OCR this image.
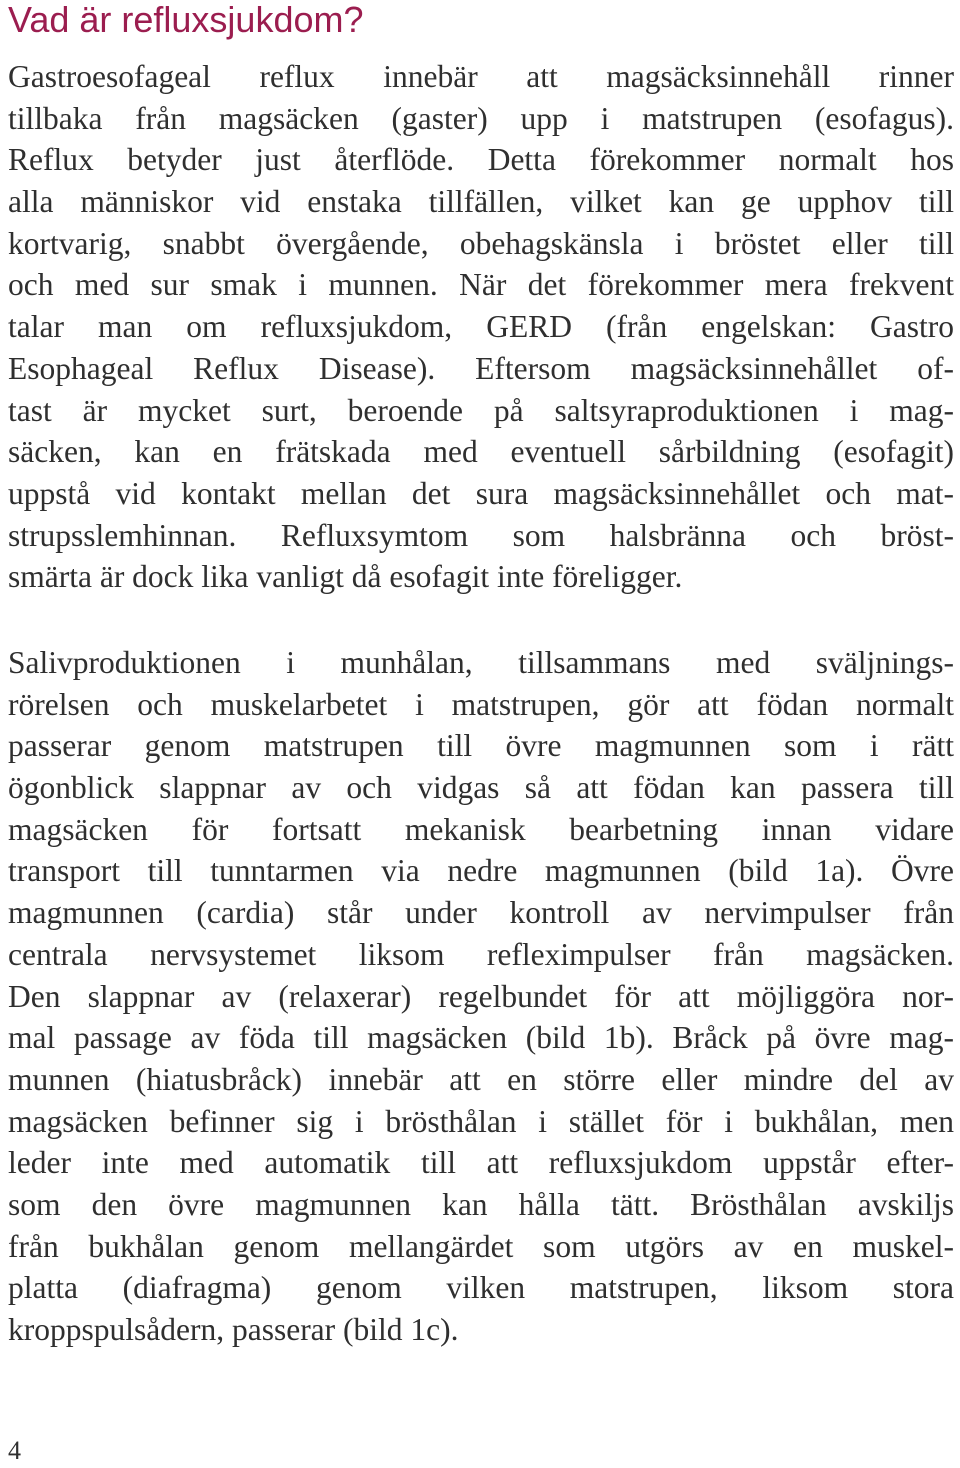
Vad är refluxsjukdom?
Gastroesofageal reflux innebär att magsäcksinnehåll rinner
tillbaka från magsäcken (gaster) upp i matstrupen (esofagus).
Reflux betyder just återflöde. Detta förekommer normalt hos
alla människor vid enstaka tillfällen, vilket kan ge upphov till
kortvarig, snabbt övergående, obehagskänsla i bröstet eller till
och med sur smak i munnen. När det förekommer mera frekvent
talar man om refluxsjukdom, GERD (från engelskan: Gastro
Esophageal Reflux Disease). Eftersom magsäcksinnehållet of-
tast är mycket surt, beroende på saltsyraproduktionen i mag-
säcken, kan en frätskada med eventuell sårbildning (esofagit)
uppstå vid kontakt mellan det sura magsäcksinnehållet och mat-
strupsslemhinnan. Refluxsymtom som halsbränna och bröst-
smärta är dock lika vanligt då esofagit inte föreligger.
Salivproduktionen i munhålan, tillsammans med sväljnings-
rörelsen och muskelarbetet i matstrupen, gör att födan normalt
passerar genom matstrupen till övre magmunnen som i rätt
ögonblick slappnar av och vidgas så att födan kan passera till
magsäcken för fortsatt mekanisk bearbetning innan vidare
transport till tunntarmen via nedre magmunnen (bild 1a). Övre
magmunnen (cardia) står under kontroll av nervimpulser från
centrala nervsystemet liksom refleximpulser från magsäcken.
Den slappnar av (relaxerar) regelbundet för att möjliggöra nor-
mal passage av föda till magsäcken (bild 1b). Bråck på övre mag-
munnen (hiatusbråck) innebär att en större eller mindre del av
magsäcken befinner sig i brösthålan i stället för i bukhålan, men
leder inte med automatik till att refluxsjukdom uppstår efter-
som den övre magmunnen kan hålla tätt. Brösthålan avskiljs
från bukhålan genom mellangärdet som utgörs av en muskel-
platta (diafragma) genom vilken matstrupen, liksom stora
kroppspulsådern, passerar (bild 1c).
4
